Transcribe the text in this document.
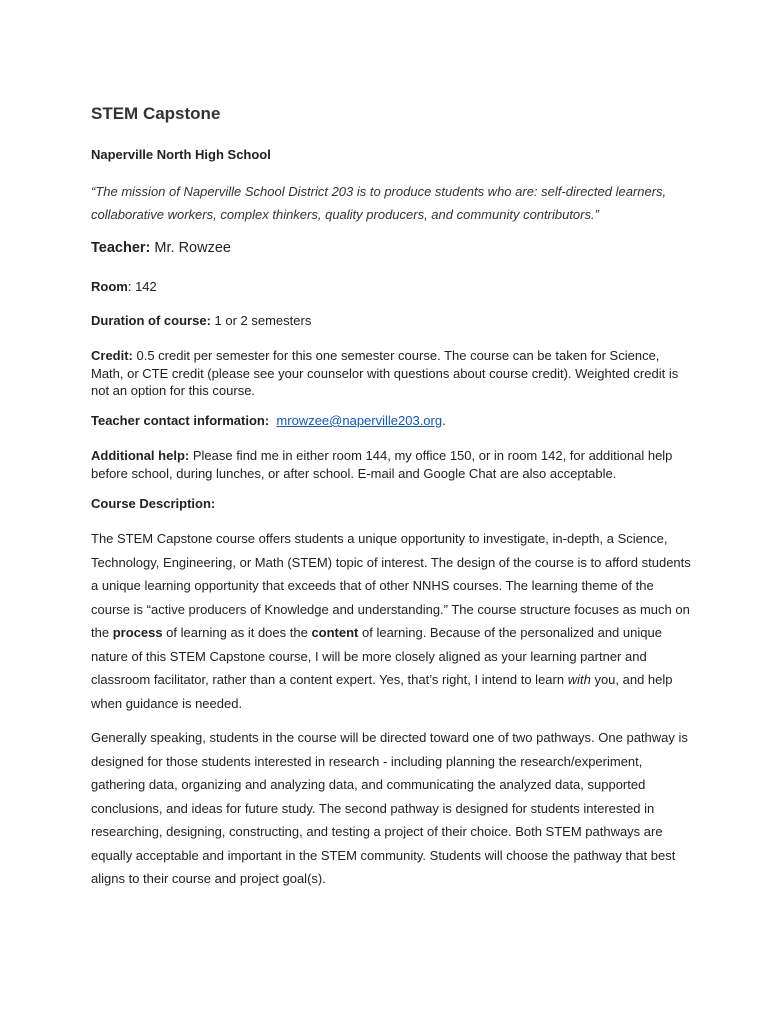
STEM Capstone

Naperville North High School

“The mission of Naperville School District 203 is to produce students who are: self-directed learners, collaborative workers, complex thinkers, quality producers, and community contributors.”

Teacher: Mr. Rowzee

Room: 142

Duration of course: 1 or 2 semesters

Credit: 0.5 credit per semester for this one semester course. The course can be taken for Science, Math, or CTE credit (please see your counselor with questions about course credit). Weighted credit is not an option for this course.

Teacher contact information: mrowzee@naperville203.org.

Additional help: Please find me in either room 144, my office 150, or in room 142, for additional help before school, during lunches, or after school. E-mail and Google Chat are also acceptable.

Course Description:

The STEM Capstone course offers students a unique opportunity to investigate, in-depth, a Science, Technology, Engineering, or Math (STEM) topic of interest. The design of the course is to afford students a unique learning opportunity that exceeds that of other NNHS courses. The learning theme of the course is “active producers of Knowledge and understanding.” The course structure focuses as much on the process of learning as it does the content of learning. Because of the personalized and unique nature of this STEM Capstone course, I will be more closely aligned as your learning partner and classroom facilitator, rather than a content expert. Yes, that’s right, I intend to learn with you, and help when guidance is needed.

Generally speaking, students in the course will be directed toward one of two pathways. One pathway is designed for those students interested in research - including planning the research/experiment, gathering data, organizing and analyzing data, and communicating the analyzed data, supported conclusions, and ideas for future study. The second pathway is designed for students interested in researching, designing, constructing, and testing a project of their choice. Both STEM pathways are equally acceptable and important in the STEM community. Students will choose the pathway that best aligns to their course and project goal(s).
